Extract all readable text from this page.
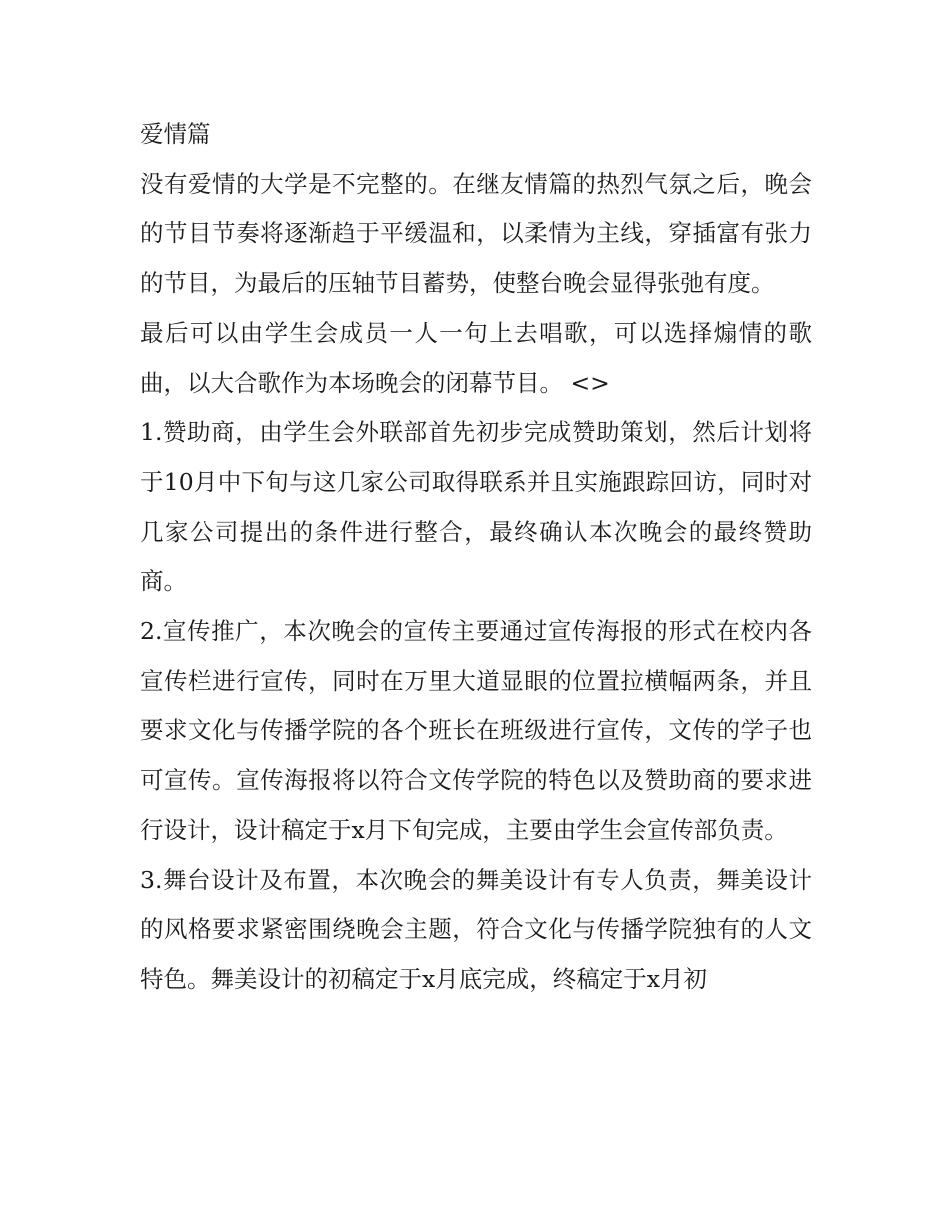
爱情篇

没有爱情的大学是不完整的。在继友情篇的热烈气氛之后，晚会的节目节奏将逐渐趋于平缓温和，以柔情为主线，穿插富有张力的节目，为最后的压轴节目蓄势，使整台晚会显得张弛有度。

最后可以由学生会成员一人一句上去唱歌，可以选择煽情的歌曲，以大合歌作为本场晚会的闭幕节目。 <>

1.赞助商，由学生会外联部首先初步完成赞助策划，然后计划将于10月中下旬与这几家公司取得联系并且实施跟踪回访，同时对几家公司提出的条件进行整合，最终确认本次晚会的最终赞助商。

2.宣传推广，本次晚会的宣传主要通过宣传海报的形式在校内各宣传栏进行宣传，同时在万里大道显眼的位置拉横幅两条，并且要求文化与传播学院的各个班长在班级进行宣传，文传的学子也可宣传。宣传海报将以符合文传学院的特色以及赞助商的要求进行设计，设计稿定于x月下旬完成，主要由学生会宣传部负责。

3.舞台设计及布置，本次晚会的舞美设计有专人负责，舞美设计的风格要求紧密围绕晚会主题，符合文化与传播学院独有的人文特色。舞美设计的初稿定于x月底完成，终稿定于x月初
